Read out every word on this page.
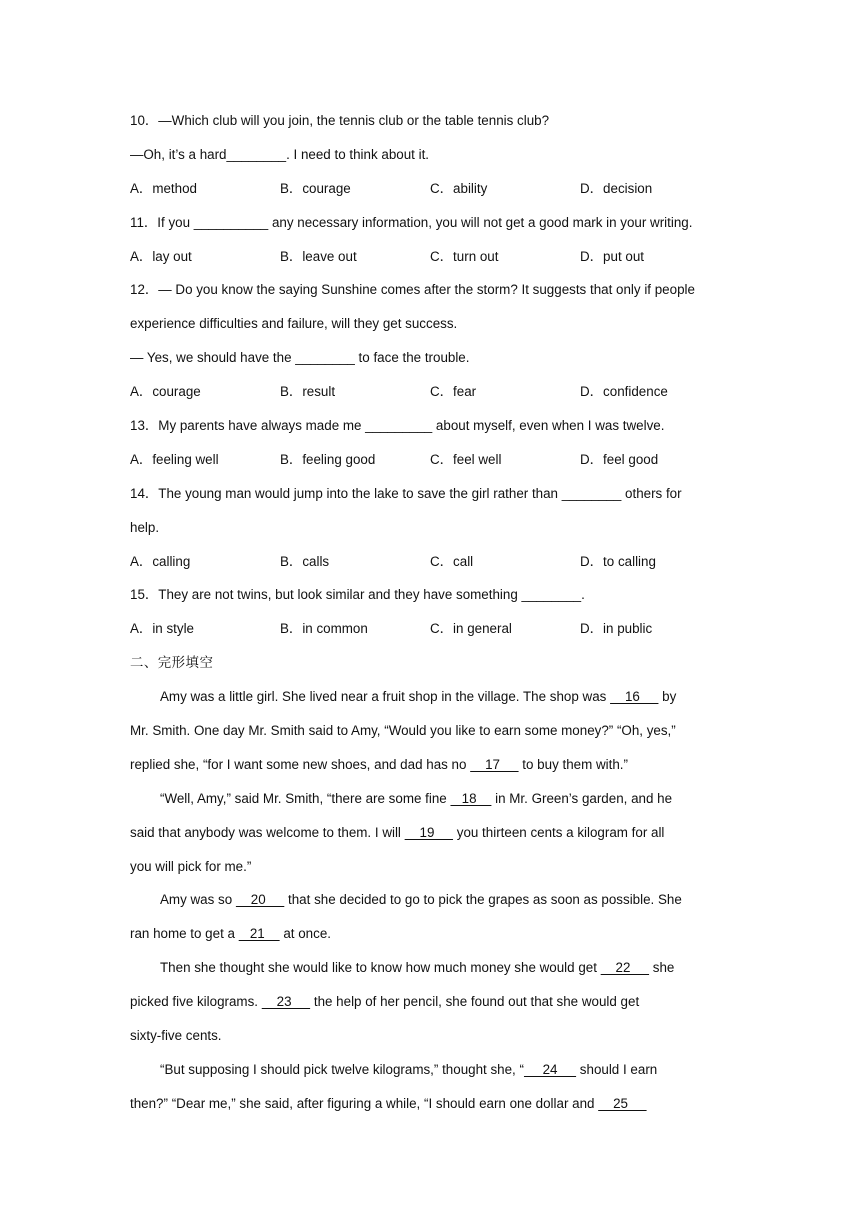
10．—Which club will you join, the tennis club or the table tennis club?
—Oh, it’s a hard________. I need to think about it.
A．method	B．courage	C．ability	D．decision
11．If you __________ any necessary information, you will not get a good mark in your writing.
A．lay out	B．leave out	C．turn out	D．put out
12．— Do you know the saying Sunshine comes after the storm? It suggests that only if people
experience difficulties and failure, will they get success.
— Yes, we should have the ________ to face the trouble.
A．courage	B．result	C．fear	D．confidence
13．My parents have always made me _________ about myself, even when I was twelve.
A．feeling well	B．feeling good	C．feel well	D．feel good
14．The young man would jump into the lake to save the girl rather than ________ others for
help.
A．calling	B．calls	C．call	D．to calling
15．They are not twins, but look similar and they have something ________.
A．in style	B．in common	C．in general	D．in public
二、完形填空
Amy was a little girl. She lived near a fruit shop in the village. The shop was     16      by
Mr. Smith. One day Mr. Smith said to Amy, “Would you like to earn some money?” “Oh, yes,”
replied she, “for I want some new shoes, and dad has no     17      to buy them with.”
“Well, Amy,” said Mr. Smith, “there are some fine    18     in Mr. Green’s garden, and he
said that anybody was welcome to them. I will     19      you thirteen cents a kilogram for all
you will pick for me.”
Amy was so     20      that she decided to go to pick the grapes as soon as possible. She
ran home to get a    21     at once.
Then she thought she would like to know how much money she would get     22      she
picked five kilograms.     23      the help of her pencil, she found out that she would get
sixty-five cents.
“But supposing I should pick twelve kilograms,” thought she, “     24      should I earn
then?” “Dear me,” she said, after figuring a while, “I should earn one dollar and     25
